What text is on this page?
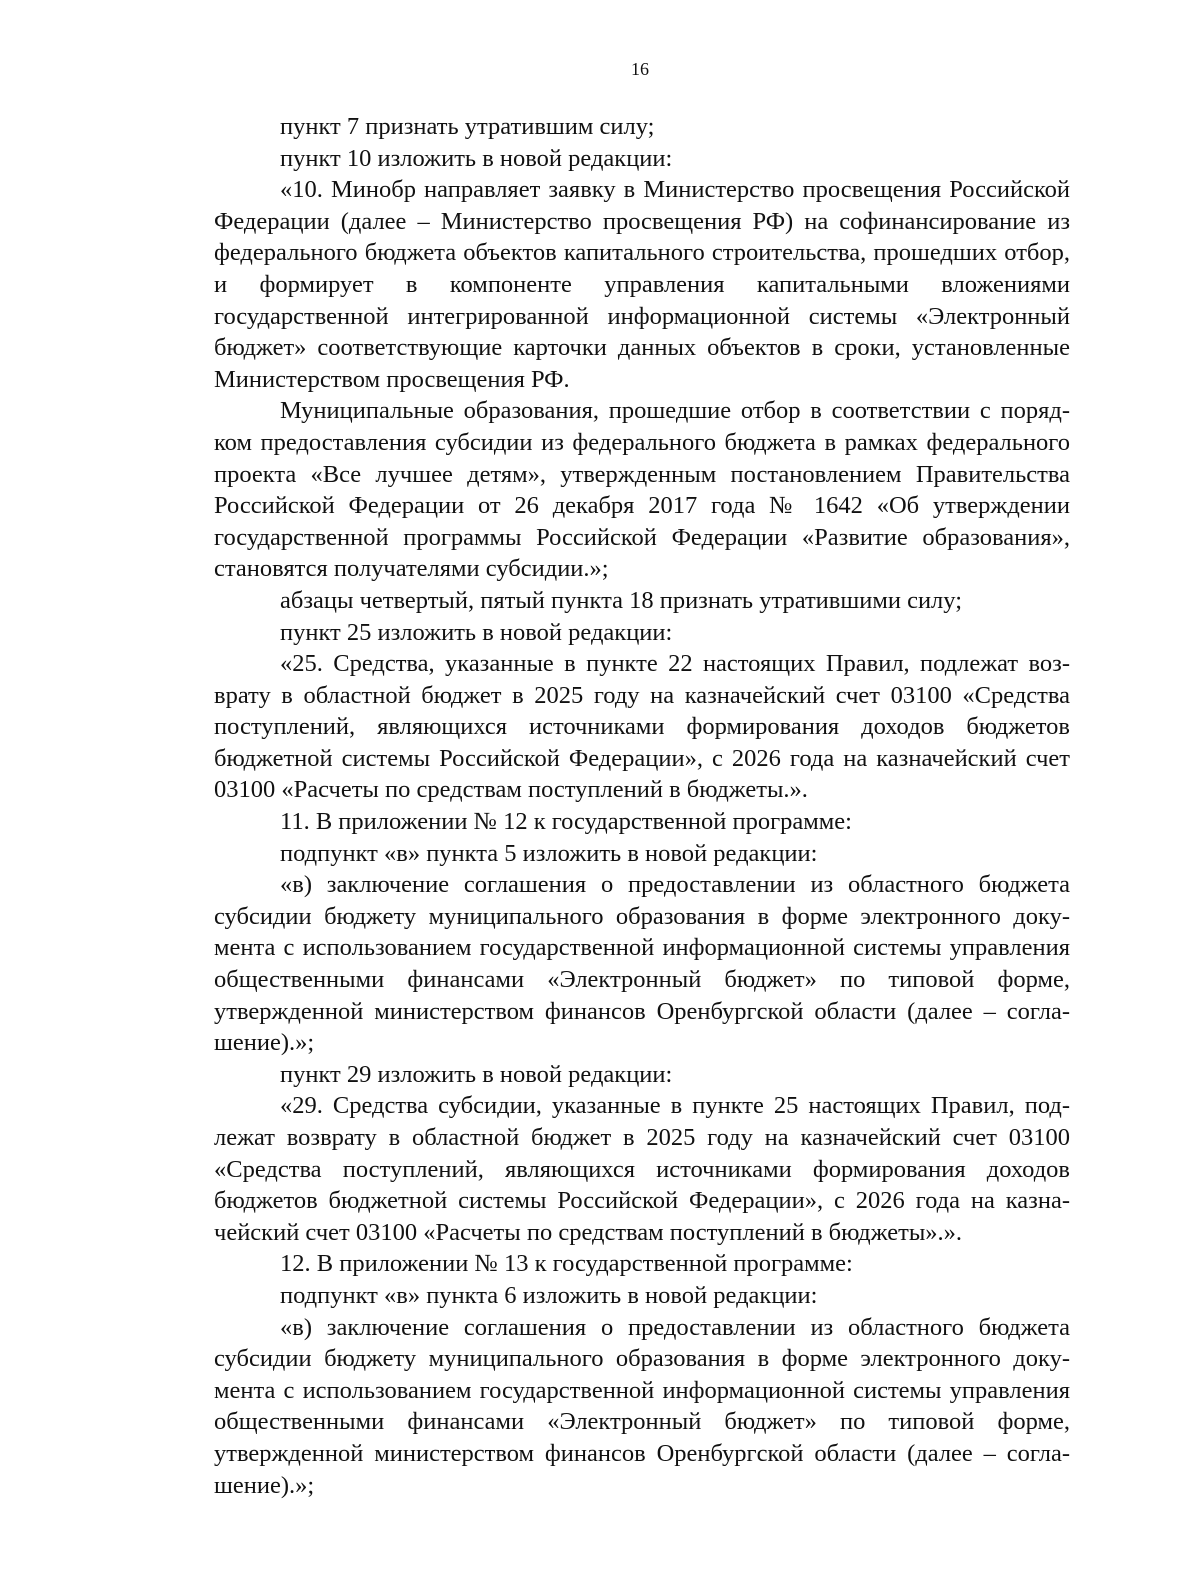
16

пункт 7 признать утратившим силу;

пункт 10 изложить в новой редакции:

«10. Минобр направляет заявку в Министерство просвещения Российской Федерации (далее – Министерство просвещения РФ) на софинансирование из федерального бюджета объектов капитального строительства, прошедших отбор, и формирует в компоненте управления капитальными вложениями государственной интегрированной информационной системы «Электронный бюджет» соответствующие карточки данных объектов в сроки, установленные Министерством просвещения РФ.

Муниципальные образования, прошедшие отбор в соответствии с порядком предоставления субсидии из федерального бюджета в рамках федерального проекта «Все лучшее детям», утвержденным постановлением Правительства Российской Федерации от 26 декабря 2017 года № 1642 «Об утверждении государственной программы Российской Федерации «Развитие образования», становятся получателями субсидии.»;

абзацы четвертый, пятый пункта 18 признать утратившими силу;

пункт 25 изложить в новой редакции:

«25. Средства, указанные в пункте 22 настоящих Правил, подлежат возврату в областной бюджет в 2025 году на казначейский счет 03100 «Средства поступлений, являющихся источниками формирования доходов бюджетов бюджетной системы Российской Федерации», с 2026 года на казначейский счет 03100 «Расчеты по средствам поступлений в бюджеты.».

11. В приложении № 12 к государственной программе:

подпункт «в» пункта 5 изложить в новой редакции:

«в) заключение соглашения о предоставлении из областного бюджета субсидии бюджету муниципального образования в форме электронного документа с использованием государственной информационной системы управления общественными финансами «Электронный бюджет» по типовой форме, утвержденной министерством финансов Оренбургской области (далее – соглашение).»;

пункт 29 изложить в новой редакции:

«29. Средства субсидии, указанные в пункте 25 настоящих Правил, подлежат возврату в областной бюджет в 2025 году на казначейский счет 03100 «Средства поступлений, являющихся источниками формирования доходов бюджетов бюджетной системы Российской Федерации», с 2026 года на казначейский счет 03100 «Расчеты по средствам поступлений в бюджеты».».

12. В приложении № 13 к государственной программе:

подпункт «в» пункта 6 изложить в новой редакции:

«в) заключение соглашения о предоставлении из областного бюджета субсидии бюджету муниципального образования в форме электронного документа с использованием государственной информационной системы управления общественными финансами «Электронный бюджет» по типовой форме, утвержденной министерством финансов Оренбургской области (далее – соглашение).»;
